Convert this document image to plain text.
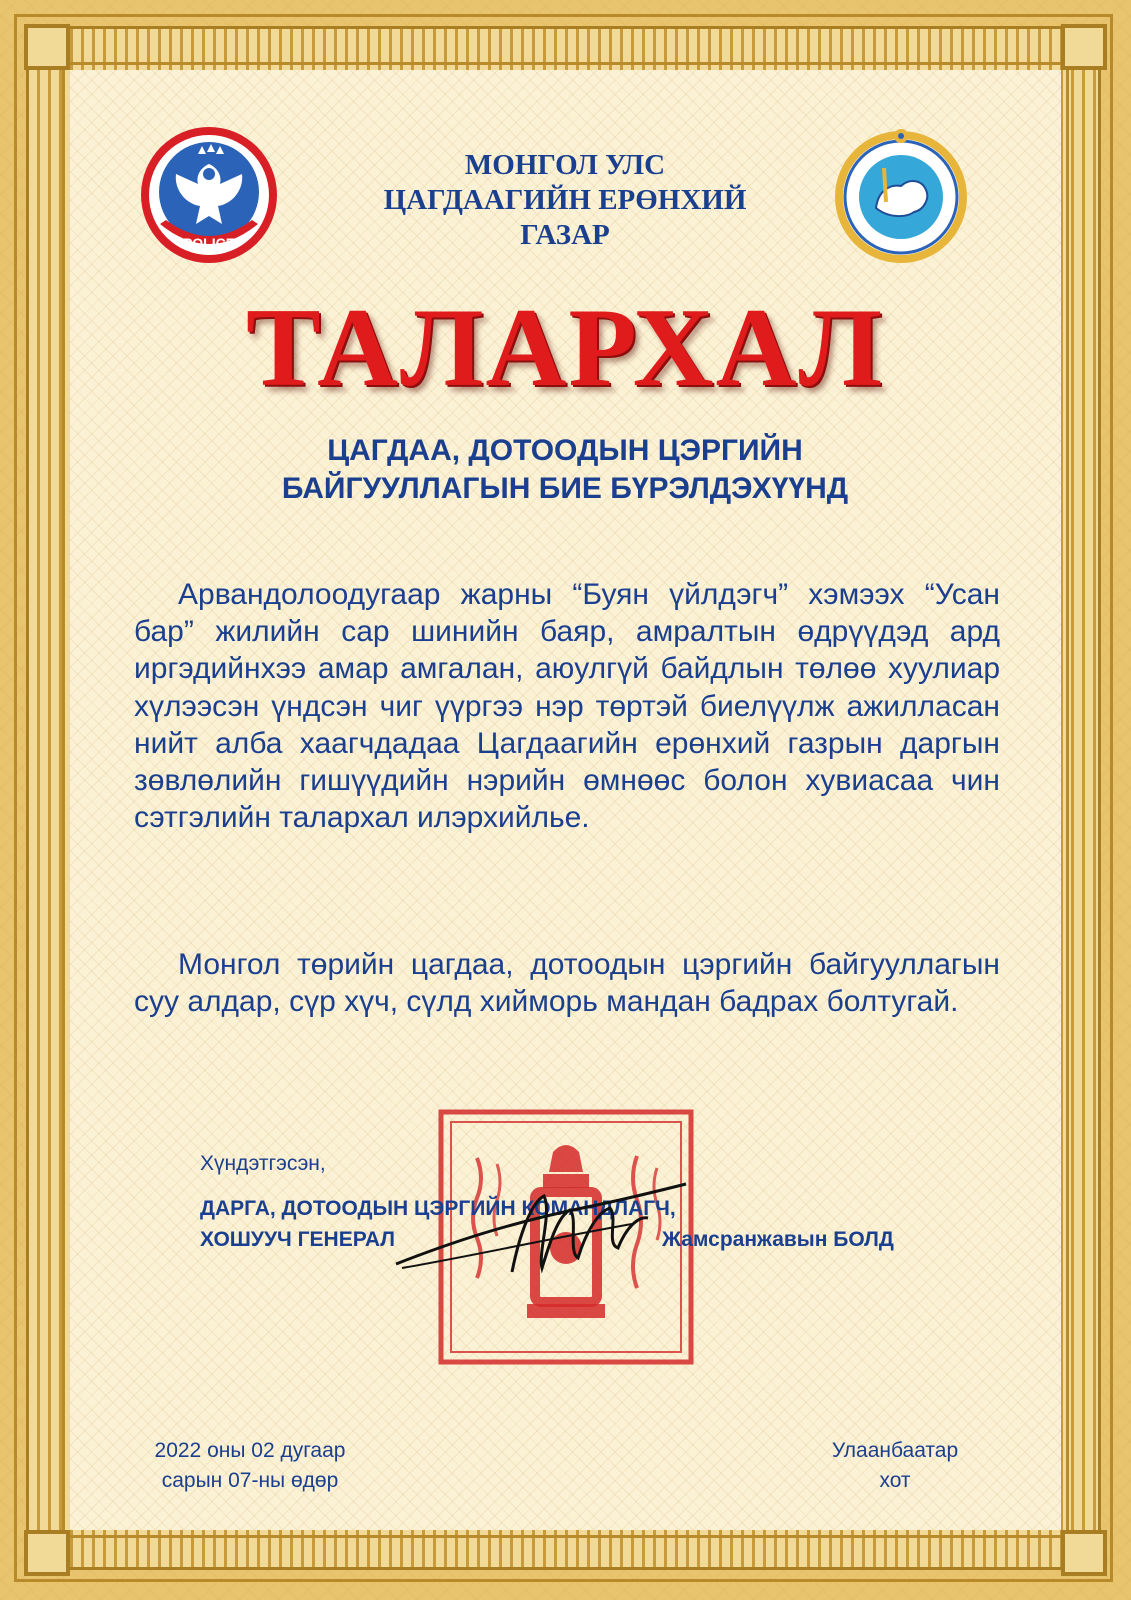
POLICE
МОНГОЛ УЛС
ЦАГДААГИЙН ЕРӨНХИЙ
ГАЗАР
ТАЛАРХАЛ
ЦАГДАА, ДОТООДЫН ЦЭРГИЙН
БАЙГУУЛЛАГЫН БИЕ БҮРЭЛДЭХҮҮНД

Арвандолоодугаар жарны “Буян үйлдэгч” хэмээх “Усан бар” жилийн сар шинийн баяр, амралтын өдрүүдэд ард иргэдийнхээ амар амгалан, аюулгүй байдлын төлөө хуулиар хүлээсэн үндсэн чиг үүргээ нэр төртэй биелүүлж ажилласан нийт алба хаагчдадаа Цагдаагийн ерөнхий газрын даргын зөвлөлийн гишүүдийн нэрийн өмнөөс болон хувиасаа чин сэтгэлийн талархал илэрхийлье.

Монгол төрийн цагдаа, дотоодын цэргийн байгууллагын суу алдар, сүр хүч, сүлд хийморь мандан бадрах болтугай.

Хүндэтгэсэн,
ДАРГА, ДОТООДЫН ЦЭРГИЙН КОМАНДЛАГЧ,
ХОШУУЧ ГЕНЕРАЛ	Жамсранжавын БОЛД
2022 оны 02 дугаар
сарын 07-ны өдөр
Улаанбаатар
хот
